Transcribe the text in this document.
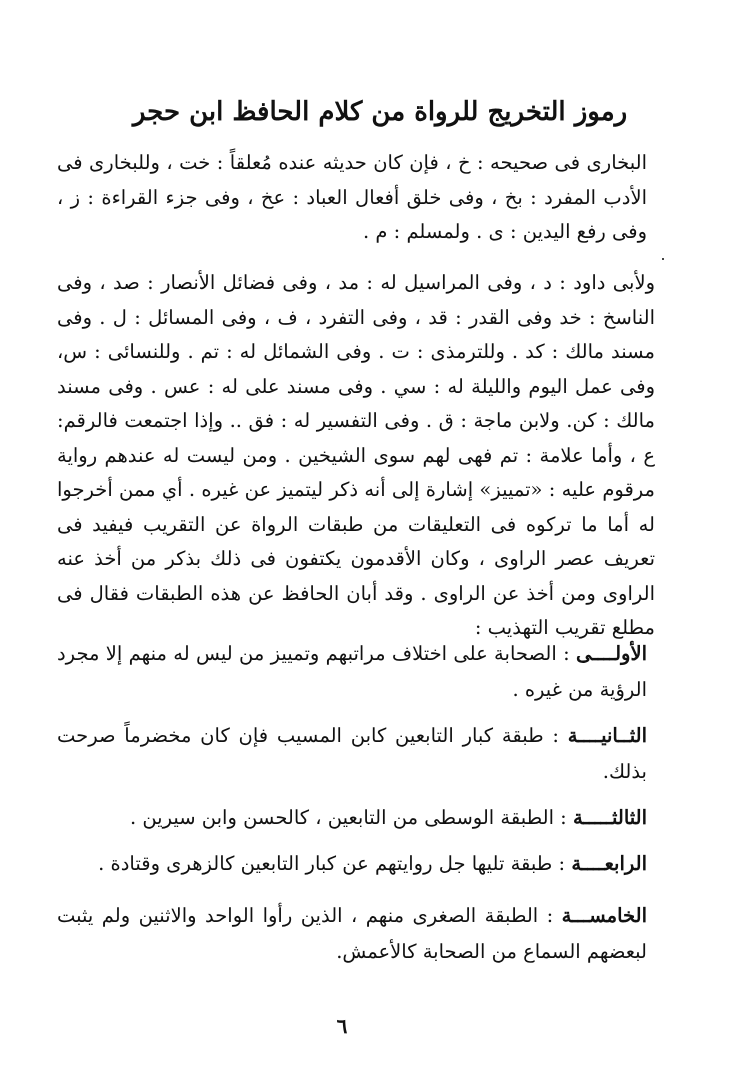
رموز التخريج للرواة من كلام الحافظ ابن حجر
البخارى فى صحيحه : خ ، فإن كان حديثه عنده مُعلقاً : خت ، وللبخارى فى الأدب المفرد : بخ ، وفى خلق أفعال العباد : عخ ، وفى جزء القراءة : ز ، وفى رفع اليدين : ى . ولمسلم : م .
ولأبى داود : د ، وفى المراسيل له : مد ، وفى فضائل الأنصار : صد ، وفى الناسخ : خد وفى القدر : قد ، وفى التفرد ، ف ، وفى المسائل : ل . وفى مسند مالك : كد . وللترمذى : ت . وفى الشمائل له : تم . وللنسائى : س، وفى عمل اليوم والليلة له : سي . وفى مسند على له : عس . وفى مسند مالك : كن. ولابن ماجة : ق . وفى التفسير له : فق .. وإذا اجتمعت فالرقم: ع ، وأما علامة : تم فهى لهم سوى الشيخين . ومن ليست له عندهم رواية مرقوم عليه : «تمييز» إشارة إلى أنه ذكر ليتميز عن غيره . أي ممن أخرجوا له أما ما تركوه فى التعليقات من طبقات الرواة عن التقريب فيفيد فى تعريف عصر الراوى ، وكان الأقدمون يكتفون فى ذلك بذكر من أخذ عنه الراوى ومن أخذ عن الراوى . وقد أبان الحافظ عن هذه الطبقات فقال فى مطلع تقريب التهذيب :
الأولــــى : الصحابة على اختلاف مراتبهم وتمييز من ليس له منهم إلا مجرد الرؤية من غيره .
الثــانيــــة : طبقة كبار التابعين كابن المسيب فإن كان مخضرماً صرحت بذلك.
الثالثـــــة : الطبقة الوسطى من التابعين ، كالحسن وابن سيرين .
الرابعــــة : طبقة تليها جل روايتهم عن كبار التابعين كالزهرى وقتادة .
الخامســـة : الطبقة الصغرى منهم ، الذين رأوا الواحد والاثنين ولم يثبت لبعضهم السماع من الصحابة كالأعمش.
٦
